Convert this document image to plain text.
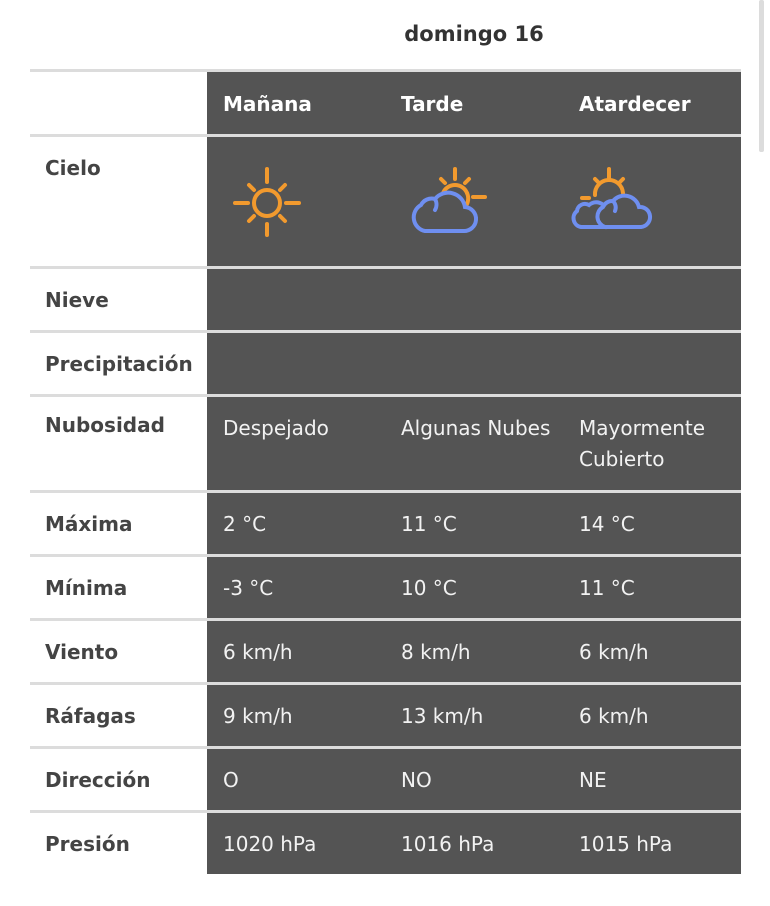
domingo 16
	Mañana	Tarde	Atardecer
Cielo	

Nieve			
Precipitación			
Nubosidad	Despejado	Algunas Nubes	Mayormente Cubierto
Máxima	2 °C	11 °C	14 °C
Mínima	-3 °C	10 °C	11 °C
Viento	6 km/h	8 km/h	6 km/h
Ráfagas	9 km/h	13 km/h	6 km/h
Dirección	O	NO	NE
Presión	1020 hPa	1016 hPa	1015 hPa
